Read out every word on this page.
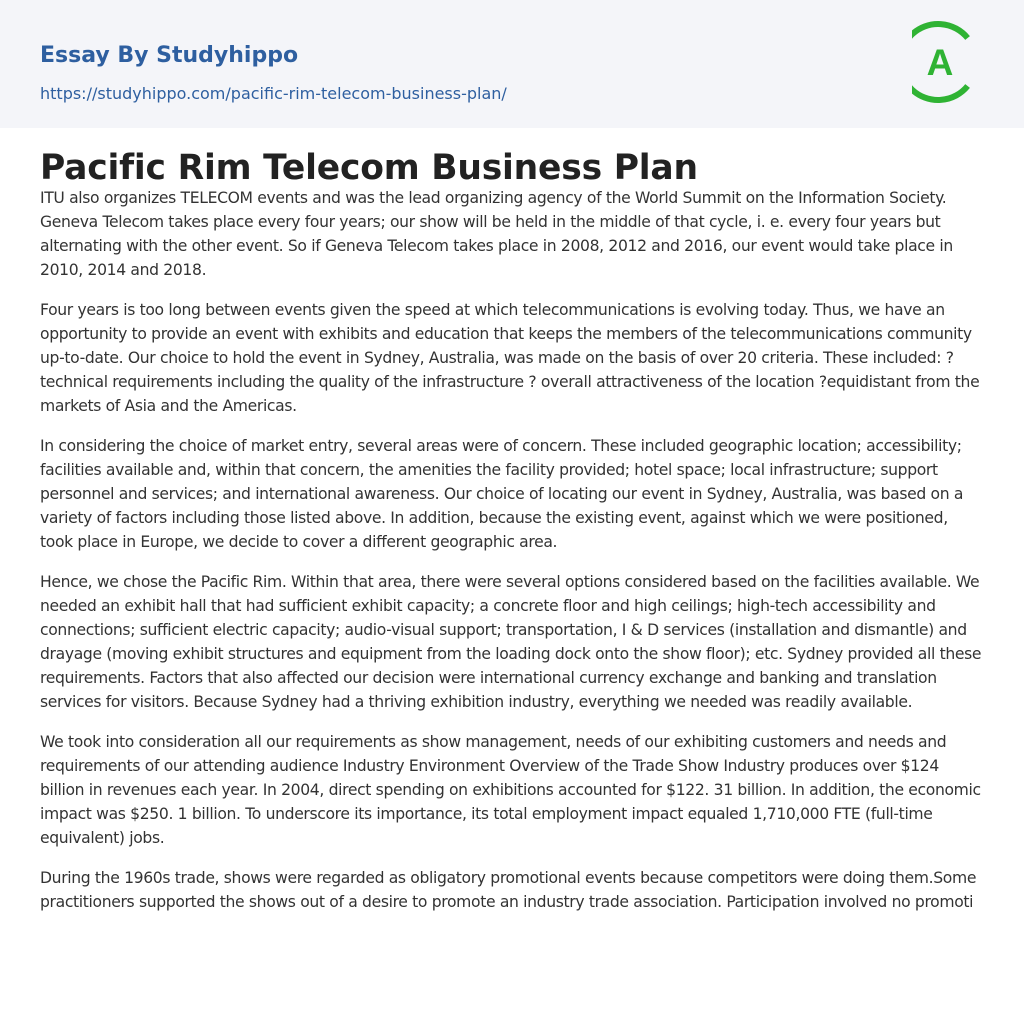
Essay By Studyhippo
https://studyhippo.com/pacific-rim-telecom-business-plan/
A
Pacific Rim Telecom Business Plan

ITU also organizes TELECOM events and was the lead organizing agency of the World Summit on the Information Society. Geneva Telecom takes place every four years; our show will be held in the middle of that cycle, i. e. every four years but alternating with the other event. So if Geneva Telecom takes place in 2008, 2012 and 2016, our event would take place in 2010, 2014 and 2018.

Four years is too long between events given the speed at which telecommunications is evolving today. Thus, we have an opportunity to provide an event with exhibits and education that keeps the members of the telecommunications community up-to-date. Our choice to hold the event in Sydney, Australia, was made on the basis of over 20 criteria. These included: ? technical requirements including the quality of the infrastructure ? overall attractiveness of the location ?equidistant from the markets of Asia and the Americas.

In considering the choice of market entry, several areas were of concern. These included geographic location; accessibility; facilities available and, within that concern, the amenities the facility provided; hotel space; local infrastructure; support personnel and services; and international awareness. Our choice of locating our event in Sydney, Australia, was based on a variety of factors including those listed above. In addition, because the existing event, against which we were positioned, took place in Europe, we decide to cover a different geographic area.

Hence, we chose the Pacific Rim. Within that area, there were several options considered based on the facilities available. We needed an exhibit hall that had sufficient exhibit capacity; a concrete floor and high ceilings; high-tech accessibility and connections; sufficient electric capacity; audio-visual support; transportation, I & D services (installation and dismantle) and drayage (moving exhibit structures and equipment from the loading dock onto the show floor); etc. Sydney provided all these requirements. Factors that also affected our decision were international currency exchange and banking and translation services for visitors. Because Sydney had a thriving exhibition industry, everything we needed was readily available.

We took into consideration all our requirements as show management, needs of our exhibiting customers and needs and requirements of our attending audience Industry Environment Overview of the Trade Show Industry produces over $124 billion in revenues each year. In 2004, direct spending on exhibitions accounted for $122. 31 billion. In addition, the economic impact was $250. 1 billion. To underscore its importance, its total employment impact equaled 1,710,000 FTE (full-time equivalent) jobs.

During the 1960s trade, shows were regarded as obligatory promotional events because competitors were doing them.Some practitioners supported the shows out of a desire to promote an industry trade association. Participation involved no promoti
